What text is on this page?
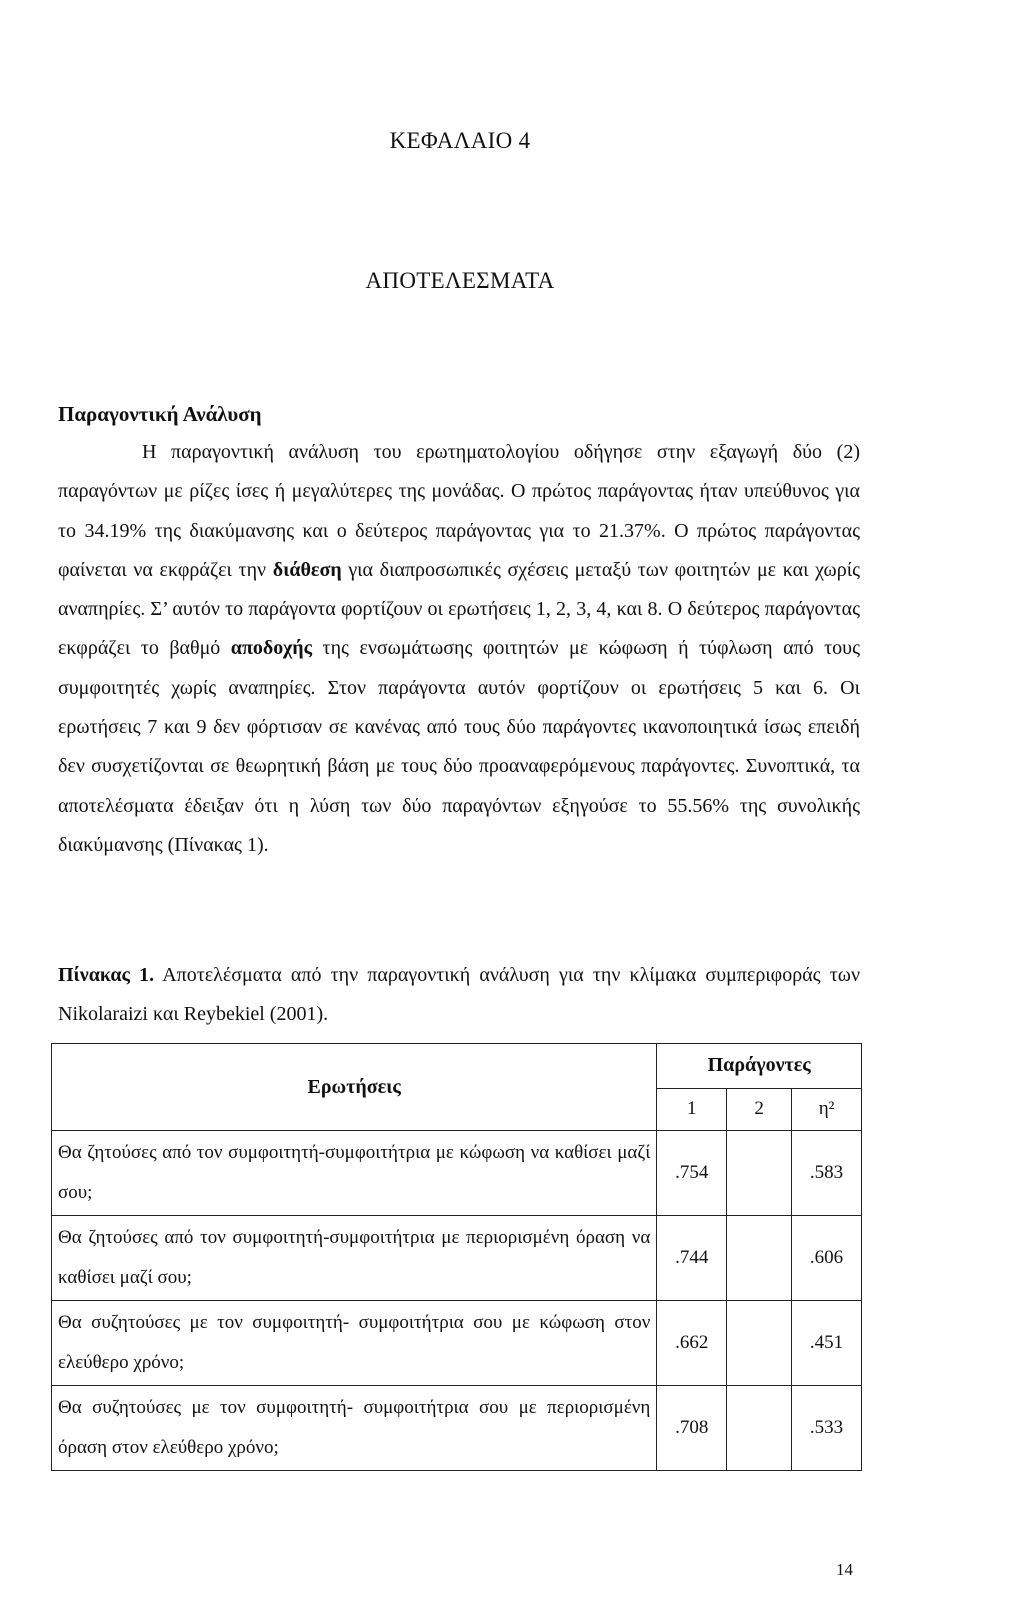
ΚΕΦΑΛΑΙΟ 4
ΑΠΟΤΕΛΕΣΜΑΤΑ
Παραγοντική Ανάλυση

Η παραγοντική ανάλυση του ερωτηματολογίου οδήγησε στην εξαγωγή δύο (2) παραγόντων με ρίζες ίσες ή μεγαλύτερες της μονάδας. Ο πρώτος παράγοντας ήταν υπεύθυνος για το 34.19% της διακύμανσης και ο δεύτερος παράγοντας για το 21.37%. Ο πρώτος παράγοντας φαίνεται να εκφράζει την διάθεση για διαπροσωπικές σχέσεις μεταξύ των φοιτητών με και χωρίς αναπηρίες. Σ’ αυτόν το παράγοντα φορτίζουν οι ερωτήσεις 1, 2, 3, 4, και 8. Ο δεύτερος παράγοντας εκφράζει το βαθμό αποδοχής της ενσωμάτωσης φοιτητών με κώφωση ή τύφλωση από τους συμφοιτητές χωρίς αναπηρίες. Στον παράγοντα αυτόν φορτίζουν οι ερωτήσεις 5 και 6. Οι ερωτήσεις 7 και 9 δεν φόρτισαν σε κανένας από τους δύο παράγοντες ικανοποιητικά ίσως επειδή δεν συσχετίζονται σε θεωρητική βάση με τους δύο προαναφερόμενους παράγοντες. Συνοπτικά, τα αποτελέσματα έδειξαν ότι η λύση των δύο παραγόντων εξηγούσε το 55.56% της συνολικής διακύμανσης (Πίνακας 1).

Πίνακας 1. Αποτελέσματα από την παραγοντική ανάλυση για την κλίμακα συμπεριφοράς των Nikolaraizi και Reybekiel (2001).

Ερωτήσεις	Παράγοντες		
	1	2	η²
Θα ζητούσες από τον συμφοιτητή-συμφοιτήτρια με κώφωση να καθίσει μαζί σου;	.754		.583
Θα ζητούσες από τον συμφοιτητή-συμφοιτήτρια με περιορισμένη όραση να καθίσει μαζί σου;	.744		.606
Θα συζητούσες με τον συμφοιτητή- συμφοιτήτρια σου με κώφωση στον ελεύθερο χρόνο;	.662		.451
Θα συζητούσες με τον συμφοιτητή- συμφοιτήτρια σου με περιορισμένη όραση στον ελεύθερο χρόνο;	.708		.533
14
